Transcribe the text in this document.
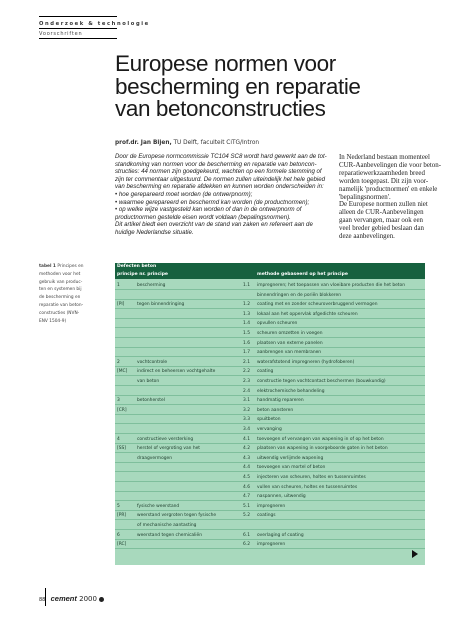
Onderzoek & technologie
Voorschriften
Europese normen voor
bescherming en reparatie
van betonconstructies
prof.dr. Jan Bijen, TU Delft, faculteit CiTG/Intron
Door de Europese normcommissie TC104 SC8 wordt hard gewerkt aan de tot-
standkoming van normen voor de bescherming en reparatie van betoncon-
structies: 44 normen zijn goedgekeurd, wachten op een formele stemming of
zijn ter commentaar uitgestuurd. De normen zullen uiteindelijk het hele gebied
van bescherming en reparatie afdekken en kunnen worden onderscheiden in:
• hoe gerepareerd moet worden (de ontwerpnorm);
• waarmee gerepareerd en beschermd kan worden (de productnormen);
• op welke wijze vastgesteld kan worden of dan in de ontwerpnorm of
productnormen gestelde eisen wordt voldaan (bepalingsnormen).
Dit artikel biedt een overzicht van de stand van zaken en refereert aan de
huidige Nederlandse situatie.
In Nederland bestaan momenteel
CUR-Aanbevelingen die voor beton-
reparatiewerkzaamheden breed
worden toegepast. Dit zijn voor-
namelijk 'productnormen' en enkele
'bepalingsnormen'.
De Europese normen zullen niet
alleen de CUR-Aanbevelingen
gaan vervangen, maar ook een
veel breder gebied beslaan dan
deze aanbevelingen.
tabel 1 Principes en
methoden voor het
gebruik van produc-
ten en systemen bij
de bescherming en
reparatie van beton-
constructies (NVN-
ENV 1504-9)
Defecten beton
principe nr. principe	methode gebaseerd op het principe
1	bescherming	1.1 impregneren; het toepassen van vloeibare producten die het beton
binnendringen en de poriën blokkeren
[PI]	tegen binnendringing	1.2 coating met en zonder scheuroverbruggend vermogen
1.3 lokaal aan het oppervlak afgedichte scheuren
1.4 opvullen scheuren
1.5 scheuren omzetten in voegen
1.6 plaatsen van externe panelen
1.7 aanbrengen van membranen
2	vochtcontrole	2.1 waterafstotend impregneren (hydrofoberen)
[MC] indirect en beheersen vochtgehalte	2.2 coating
van beton	2.3 constructie tegen vochtcontact beschermen (bouwkundig)
2.4 elektrochemische behandeling
3	betonherstel	3.1 handmatig repareren
[CR]	3.2 beton aansteren
3.3 spuitbeton
3.4 vervanging
4	constructieve versterking	4.1 toevoegen of vervangen van wapening in of op het beton
[SS]	herstel of vergroting van het	4.2 plaatsen van wapening in voorgeboorde gaten in het beton
draagvermogen	4.3 uitwendig verlijmde wapening
4.4 toevoegen van mortel of beton
4.5 injecteren van scheuren, holtes en tussenruimtes
4.6 vullen van scheuren, holtes en tussenruimtes
4.7 naspannen, uitwendig
5	fysische weerstand	5.1 impregneren
[PR] weerstand vergroten tegen fysische	5.2 coatings
of mechanische aantasting
6	weerstand tegen chemicaliën	6.1 overlaging of coating
[RC]	6.2 impregneren
88 cement 2000
